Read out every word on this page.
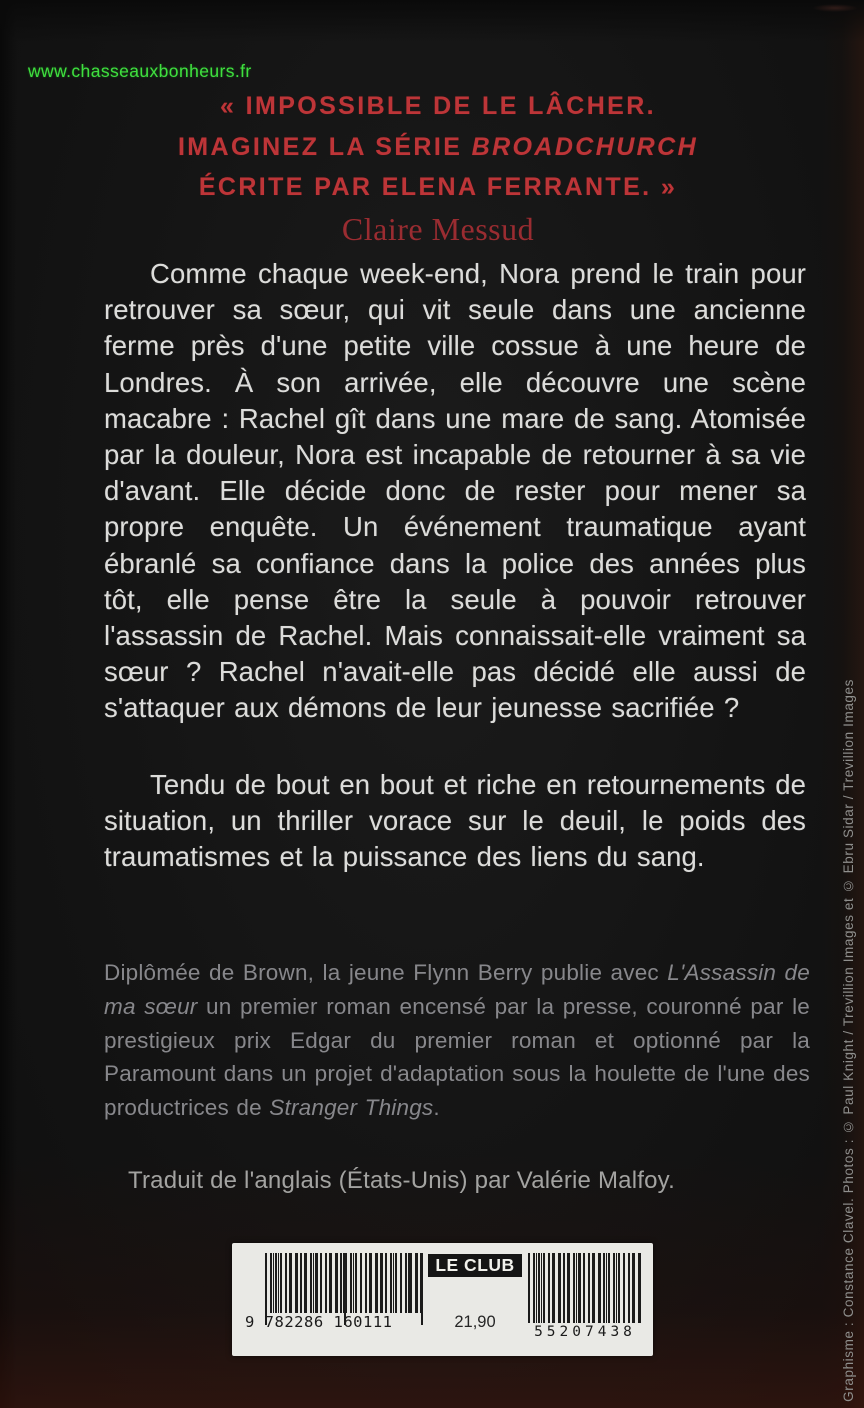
www.chasseauxbonheurs.fr
« IMPOSSIBLE DE LE LÂCHER.
IMAGINEZ LA SÉRIE BROADCHURCH
ÉCRITE PAR ELENA FERRANTE. »
Claire Messud

Comme chaque week-end, Nora prend le train pour retrouver sa sœur, qui vit seule dans une ancienne ferme près d'une petite ville cossue à une heure de Londres. À son arrivée, elle découvre une scène macabre : Rachel gît dans une mare de sang. Atomisée par la douleur, Nora est incapable de retourner à sa vie d'avant. Elle décide donc de rester pour mener sa propre enquête. Un événement traumatique ayant ébranlé sa confiance dans la police des années plus tôt, elle pense être la seule à pouvoir retrouver l'assassin de Rachel. Mais connaissait-elle vraiment sa sœur ? Rachel n'avait-elle pas décidé elle aussi de s'attaquer aux démons de leur jeunesse sacrifiée ?

Tendu de bout en bout et riche en retournements de situation, un thriller vorace sur le deuil, le poids des traumatismes et la puissance des liens du sang.

Diplômée de Brown, la jeune Flynn Berry publie avec L'Assassin de ma sœur un premier roman encensé par la presse, couronné par le prestigieux prix Edgar du premier roman et optionné par la Paramount dans un projet d'adaptation sous la houlette de l'une des productrices de Stranger Things.
Traduit de l'anglais (États-Unis) par Valérie Malfoy.
9 782286 160111
LE CLUB
21,90
55207438	Graphisme : Constance Clavel. Photos : © Paul Knight / Trevillion Images et © Ebru Sidar / Trevillion Images
